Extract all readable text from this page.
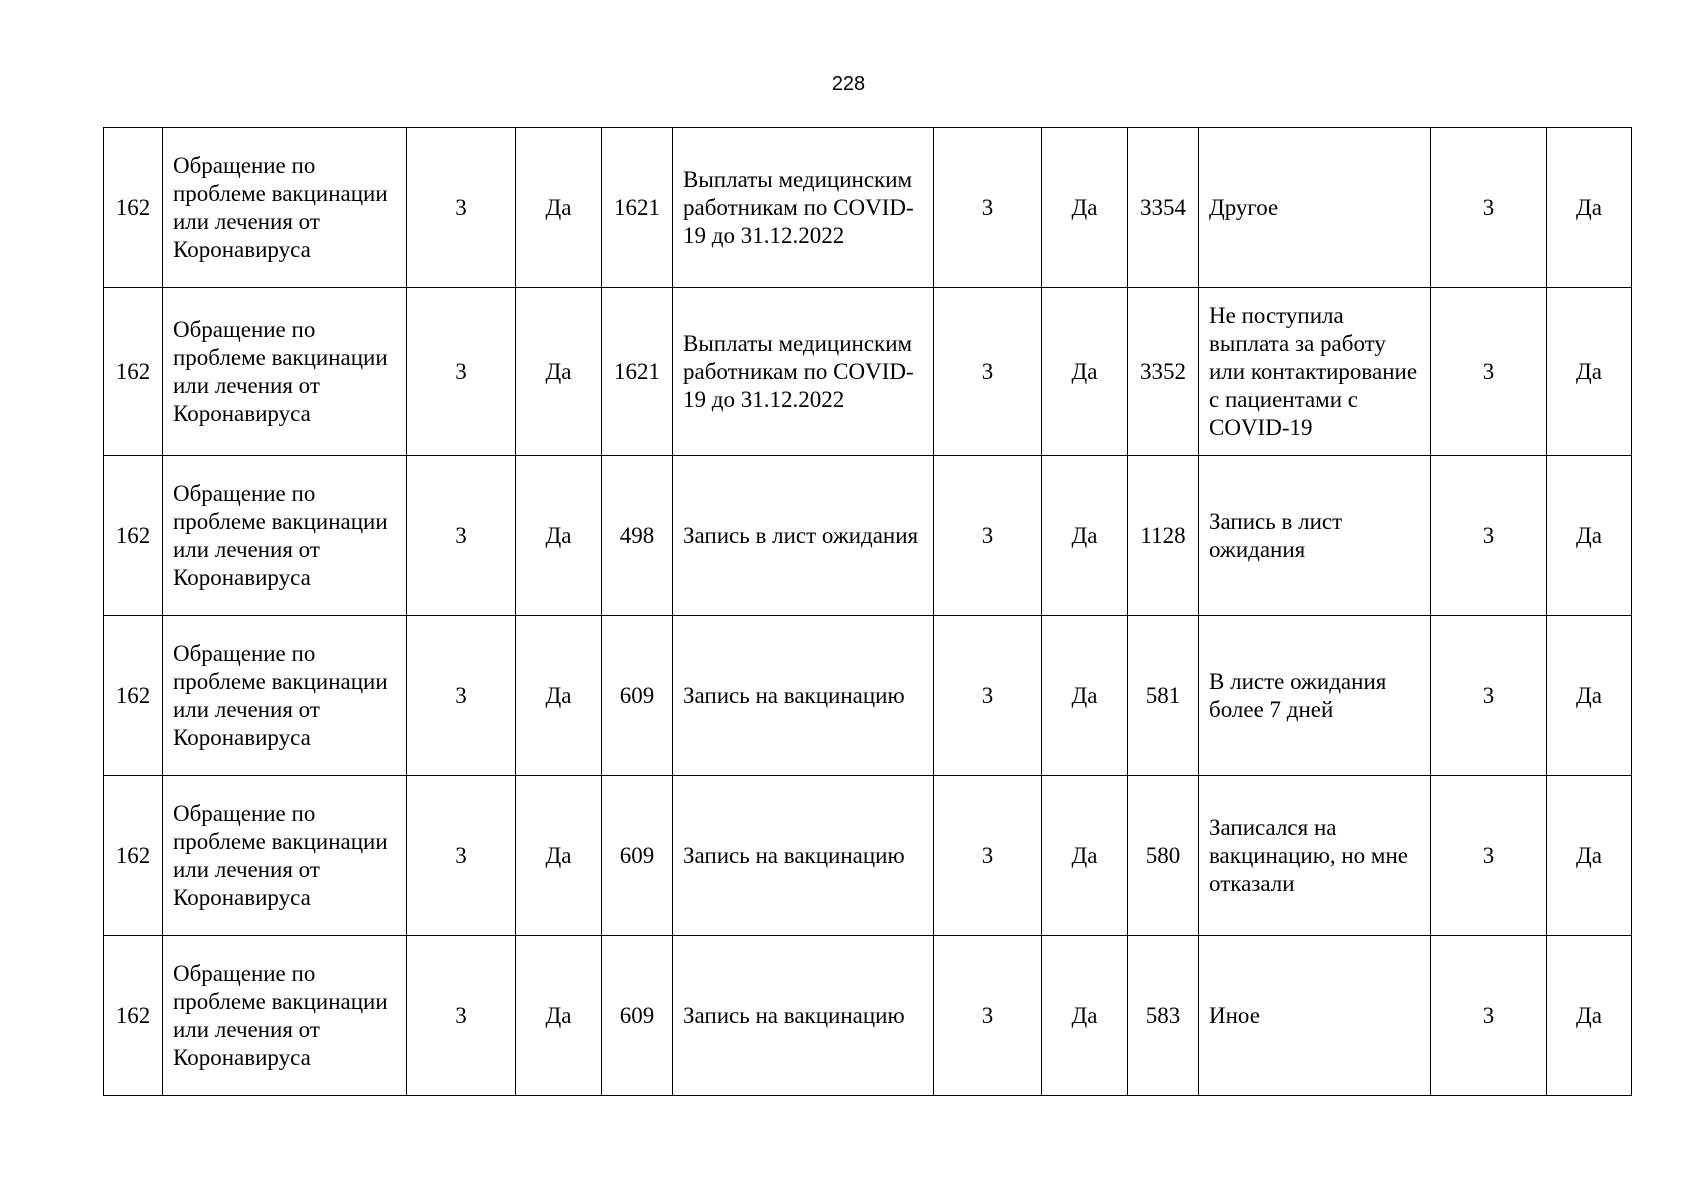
228
162	Обращение по проблеме вакцинации или лечения от Коронавируса	3	Да	1621	Выплаты медицинским работникам по COVID-19 до 31.12.2022	3	Да	3354	Другое	3	Да
162	Обращение по проблеме вакцинации или лечения от Коронавируса	3	Да	1621	Выплаты медицинским работникам по COVID-19 до 31.12.2022	3	Да	3352	Не поступила выплата за работу или контактирование с пациентами с COVID-19	3	Да
162	Обращение по проблеме вакцинации или лечения от Коронавируса	3	Да	498	Запись в лист ожидания	3	Да	1128	Запись в лист ожидания	3	Да
162	Обращение по проблеме вакцинации или лечения от Коронавируса	3	Да	609	Запись на вакцинацию	3	Да	581	В листе ожидания более 7 дней	3	Да
162	Обращение по проблеме вакцинации или лечения от Коронавируса	3	Да	609	Запись на вакцинацию	3	Да	580	Записался на вакцинацию, но мне отказали	3	Да
162	Обращение по проблеме вакцинации или лечения от Коронавируса	3	Да	609	Запись на вакцинацию	3	Да	583	Иное	3	Да
